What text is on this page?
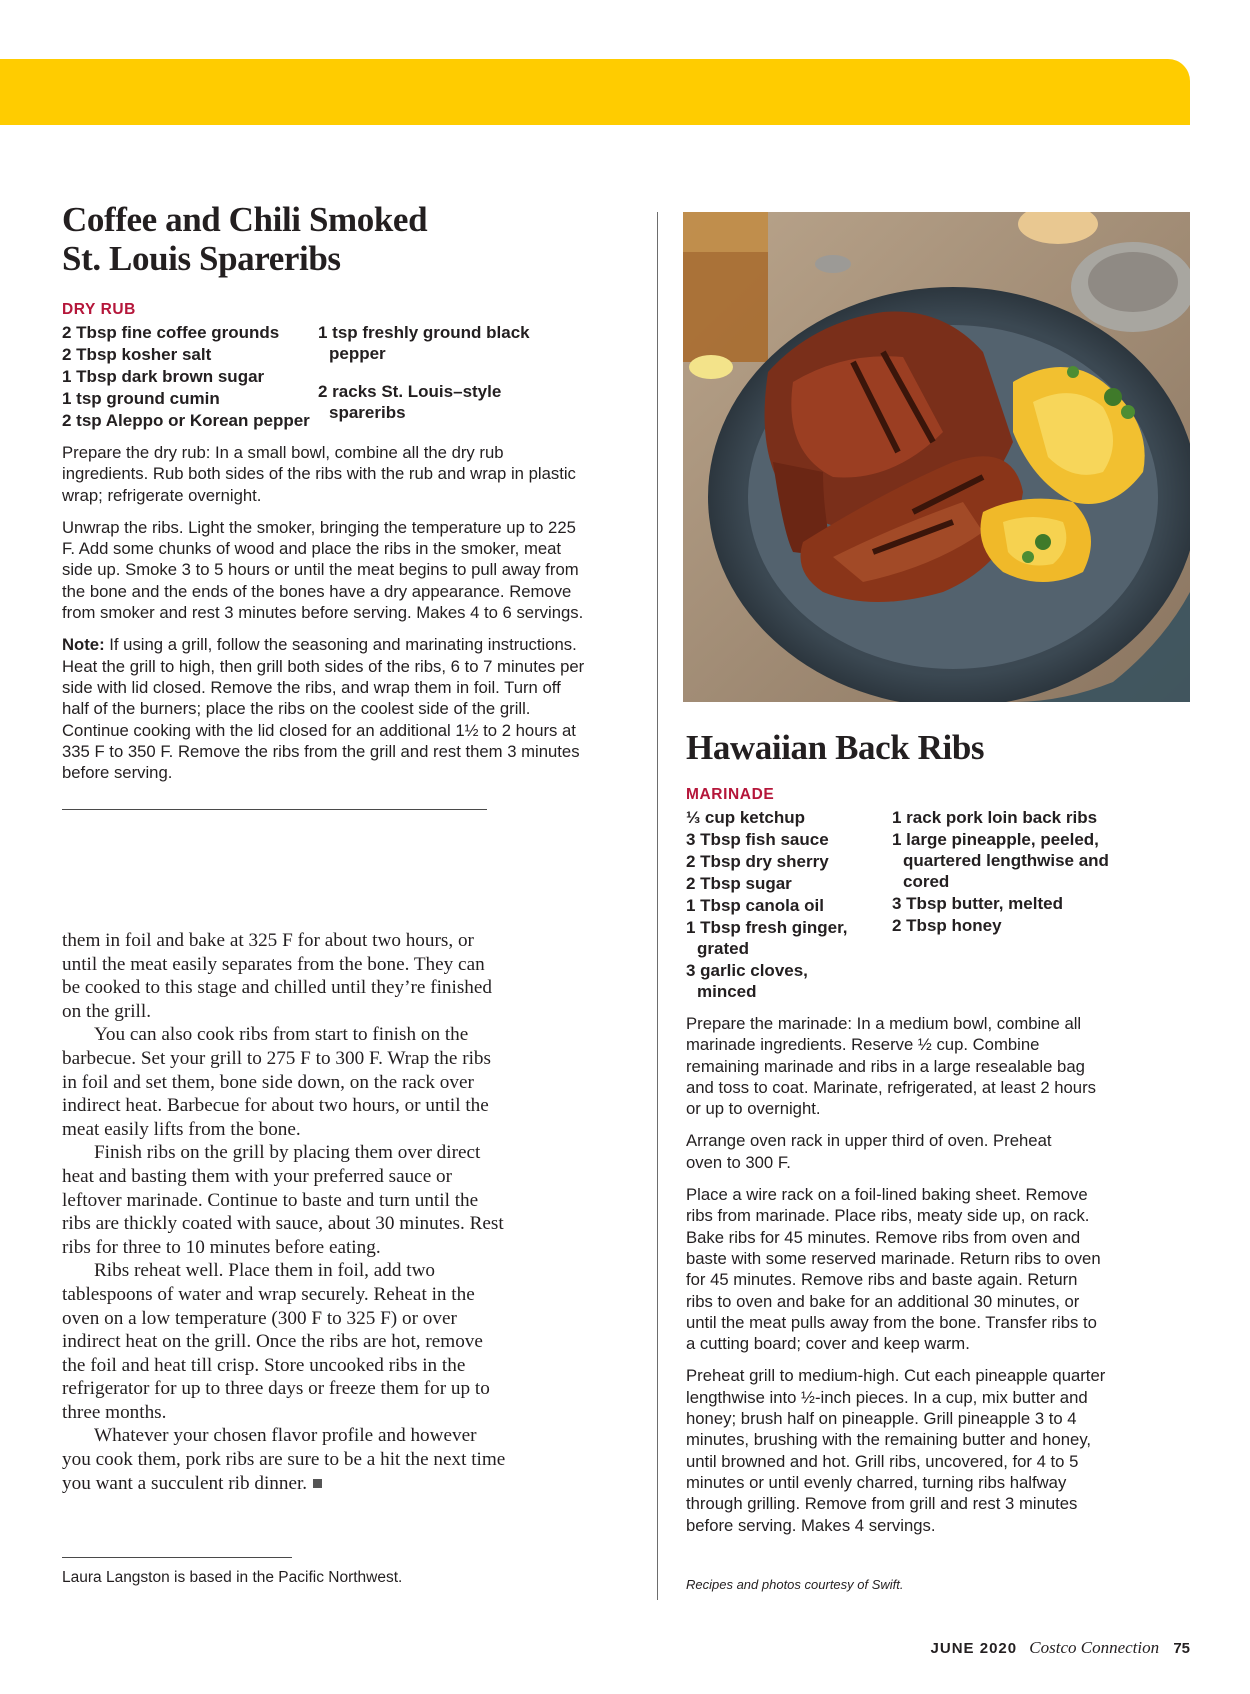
Coffee and Chili Smoked
St. Louis Spareribs
DRY RUB
2 Tbsp fine coffee grounds
2 Tbsp kosher salt
1 Tbsp dark brown sugar
1 tsp ground cumin
2 tsp Aleppo or Korean pepper
1 tsp freshly ground black pepper
2 racks St. Louis–style spareribs

Prepare the dry rub: In a small bowl, combine all the dry rub ingredients. Rub both sides of the ribs with the rub and wrap in plastic wrap; refrigerate overnight.

Unwrap the ribs. Light the smoker, bringing the temperature up to 225 F. Add some chunks of wood and place the ribs in the smoker, meat side up. Smoke 3 to 5 hours or until the meat begins to pull away from the bone and the ends of the bones have a dry appearance. Remove from smoker and rest 3 minutes before serving. Makes 4 to 6 servings.

Note: If using a grill, follow the seasoning and marinating instructions. Heat the grill to high, then grill both sides of the ribs, 6 to 7 minutes per side with lid closed. Remove the ribs, and wrap them in foil. Turn off half of the burners; place the ribs on the coolest side of the grill. Continue cooking with the lid closed for an additional 1½ to 2 hours at 335 F to 350 F. Remove the ribs from the grill and rest them 3 minutes before serving.

them in foil and bake at 325 F for about two hours, or until the meat easily separates from the bone. They can be cooked to this stage and chilled until they’re finished on the grill.

You can also cook ribs from start to finish on the barbecue. Set your grill to 275 F to 300 F. Wrap the ribs in foil and set them, bone side down, on the rack over indirect heat. Barbecue for about two hours, or until the meat easily lifts from the bone.

Finish ribs on the grill by placing them over direct heat and basting them with your preferred sauce or leftover marinade. Continue to baste and turn until the ribs are thickly coated with sauce, about 30 minutes. Rest ribs for three to 10 minutes before eating.

Ribs reheat well. Place them in foil, add two tablespoons of water and wrap securely. Reheat in the oven on a low temperature (300 F to 325 F) or over indirect heat on the grill. Once the ribs are hot, remove the foil and heat till crisp. Store uncooked ribs in the refrigerator for up to three days or freeze them for up to three months.

Whatever your chosen flavor profile and however you cook them, pork ribs are sure to be a hit the next time you want a succulent rib dinner.

Laura Langston is based in the Pacific Northwest.
Hawaiian Back Ribs
MARINADE
⅓ cup ketchup
3 Tbsp fish sauce
2 Tbsp dry sherry
2 Tbsp sugar
1 Tbsp canola oil
1 Tbsp fresh ginger, grated
3 garlic cloves, minced
1 rack pork loin back ribs
1 large pineapple, peeled, quartered lengthwise and cored
3 Tbsp butter, melted
2 Tbsp honey

Prepare the marinade: In a medium bowl, combine all marinade ingredients. Reserve ½ cup. Combine remaining marinade and ribs in a large resealable bag and toss to coat. Marinate, refrigerated, at least 2 hours or up to overnight.

Arrange oven rack in upper third of oven. Preheat oven to 300 F.

Place a wire rack on a foil-lined baking sheet. Remove ribs from marinade. Place ribs, meaty side up, on rack. Bake ribs for 45 minutes. Remove ribs from oven and baste with some reserved marinade. Return ribs to oven for 45 minutes. Remove ribs and baste again. Return ribs to oven and bake for an additional 30 minutes, or until the meat pulls away from the bone. Transfer ribs to a cutting board; cover and keep warm.

Preheat grill to medium-high. Cut each pineapple quarter lengthwise into ½-inch pieces. In a cup, mix butter and honey; brush half on pineapple. Grill pineapple 3 to 4 minutes, brushing with the remaining butter and honey, until browned and hot. Grill ribs, uncovered, for 4 to 5 minutes or until evenly charred, turning ribs halfway through grilling. Remove from grill and rest 3 minutes before serving. Makes 4 servings.

Recipes and photos courtesy of Swift.
JUNE 2020 Costco Connection 75
